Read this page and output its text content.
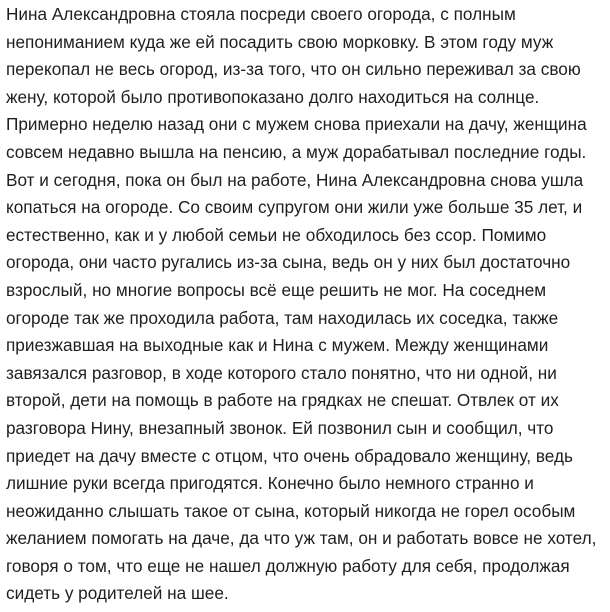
Нина Александровна стояла посреди своего огорода, с полным
непониманием куда же ей посадить свою морковку. В этом году муж
перекопал не весь огород, из-за того, что он сильно переживал за свою
жену, которой было противопоказано долго находиться на солнце.
Примерно неделю назад они с мужем снова приехали на дачу, женщина
совсем недавно вышла на пенсию, а муж дорабатывал последние годы.
Вот и сегодня, пока он был на работе, Нина Александровна снова ушла
копаться на огороде. Со своим супругом они жили уже больше 35 лет, и
естественно, как и у любой семьи не обходилось без ссор. Помимо
огорода, они часто ругались из-за сына, ведь он у них был достаточно
взрослый, но многие вопросы всё еще решить не мог. На соседнем
огороде так же проходила работа, там находилась их соседка, также
приезжавшая на выходные как и Нина с мужем. Между женщинами
завязался разговор, в ходе которого стало понятно, что ни одной, ни
второй, дети на помощь в работе на грядках не спешат. Отвлек от их
разговора Нину, внезапный звонок. Ей позвонил сын и сообщил, что
приедет на дачу вместе с отцом, что очень обрадовало женщину, ведь
лишние руки всегда пригодятся. Конечно было немного странно и
неожиданно слышать такое от сына, который никогда не горел особым
желанием помогать на даче, да что уж там, он и работать вовсе не хотел,
говоря о том, что еще не нашел должную работу для себя, продолжая
сидеть у родителей на шее.
